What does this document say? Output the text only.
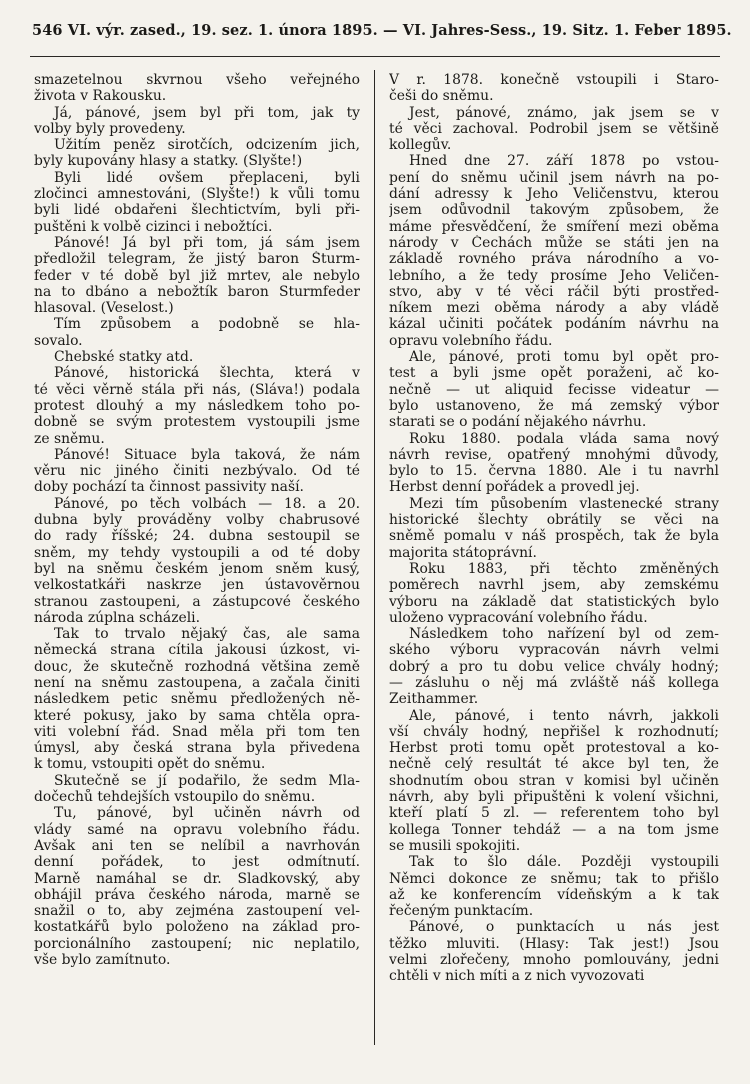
546 VI. výr. zased., 19. sez. 1. února 1895. — VI. Jahres-Sess., 19. Sitz. 1. Feber 1895.
smazetelnou skvrnou všeho veřejného
života v Rakousku.
Já, pánové, jsem byl při tom, jak ty
volby byly provedeny.
Užitím peněz sirotčích, odcizením jich,
byly kupovány hlasy a statky. (Slyšte!)
Byli lidé ovšem přeplaceni, byli
zločinci amnestováni, (Slyšte!) k vůli tomu
byli lidé obdařeni šlechtictvím, byli při-
puštěni k volbě cizinci i nebožtíci.
Pánové! Já byl při tom, já sám jsem
předložil telegram, že jistý baron Šturm-
feder v té době byl již mrtev, ale nebylo
na to dbáno a nebožtík baron Sturmfeder
hlasoval. (Veselost.)
Tím způsobem a podobně se hla-
sovalo.
Chebské statky atd.
Pánové, historická šlechta, která v
té věci věrně stála při nás, (Sláva!) podala
protest dlouhý a my následkem toho po-
dobně se svým protestem vystoupili jsme
ze sněmu.
Pánové! Situace byla taková, že nám
věru nic jiného činiti nezbývalo. Od té
doby pochází ta činnost passivity naší.
Pánové, po těch volbách — 18. a 20.
dubna byly prováděny volby chabrusové
do rady říšské; 24. dubna sestoupil se
sněm, my tehdy vystoupili a od té doby
byl na sněmu českém jenom sněm kusý,
velkostatkáři naskrze jen ústavověrnou
stranou zastoupeni, a zástupcové českého
národa zúplna scházeli.
Tak to trvalo nějaký čas, ale sama
německá strana cítila jakousi úzkost, vi-
douc, že skutečně rozhodná většina země
není na sněmu zastoupena, a začala činiti
následkem petic sněmu předložených ně-
které pokusy, jako by sama chtěla opra-
viti volební řád. Snad měla při tom ten
úmysl, aby česká strana byla přivedena
k tomu, vstoupiti opět do sněmu.
Skutečně se jí podařilo, že sedm Mla-
dočechů tehdejších vstoupilo do sněmu.
Tu, pánové, byl učiněn návrh od
vlády samé na opravu volebního řádu.
Avšak ani ten se nelíbil a navrhován
denní pořádek, to jest odmítnutí.
Marně namáhal se dr. Sladkovský, aby
obhájil práva českého národa, marně se
snažil o to, aby zejména zastoupení vel-
kostatkářů bylo položeno na základ pro-
porcionálního zastoupení; nic neplatilo,
vše bylo zamítnuto.
V r. 1878. konečně vstoupili i Staro-
češi do sněmu.
Jest, pánové, známo, jak jsem se v
té věci zachoval. Podrobil jsem se většině
kollegův.
Hned dne 27. září 1878 po vstou-
pení do sněmu učinil jsem návrh na po-
dání adressy k Jeho Veličenstvu, kterou
jsem odůvodnil takovým způsobem, že
máme přesvědčení, že smíření mezi oběma
národy v Čechách může se státi jen na
základě rovného práva národního a vo-
lebního, a že tedy prosíme Jeho Veličen-
stvo, aby v té věci ráčil býti prostřed-
níkem mezi oběma národy a aby vládě
kázal učiniti počátek podáním návrhu na
opravu volebního řádu.
Ale, pánové, proti tomu byl opět pro-
test a byli jsme opět poraženi, ač ko-
nečně — ut aliquid fecisse videatur —
bylo ustanoveno, že má zemský výbor
starati se o podání nějakého návrhu.
Roku 1880. podala vláda sama nový
návrh revise, opatřený mnohými důvody,
bylo to 15. června 1880. Ale i tu navrhl
Herbst denní pořádek a provedl jej.
Mezi tím působením vlastenecké strany
historické šlechty obrátily se věci na
sněmě pomalu v náš prospěch, tak že byla
majorita státoprávní.
Roku 1883, při těchto změněných
poměrech navrhl jsem, aby zemskému
výboru na základě dat statistických bylo
uloženo vypracování volebního řádu.
Následkem toho nařízení byl od zem-
ského výboru vypracován návrh velmi
dobrý a pro tu dobu velice chvály hodný;
— zásluhu o něj má zvláště náš kollega
Zeithammer.
Ale, pánové, i tento návrh, jakkoli
vší chvály hodný, nepřišel k rozhodnutí;
Herbst proti tomu opět protestoval a ko-
nečně celý resultát té akce byl ten, že
shodnutím obou stran v komisi byl učiněn
návrh, aby byli připuštěni k volení všichni,
kteří platí 5 zl. — referentem toho byl
kollega Tonner tehdáž — a na tom jsme
se musili spokojiti.
Tak to šlo dále. Později vystoupili
Němci dokonce ze sněmu; tak to přišlo
až ke konferencím vídeňským a k tak
řečeným punktacím.
Pánové, o punktacích u nás jest
těžko mluviti. (Hlasy: Tak jest!) Jsou
velmi zlořečeny, mnoho pomlouvány, jedni
chtěli v nich míti a z nich vyvozovati
